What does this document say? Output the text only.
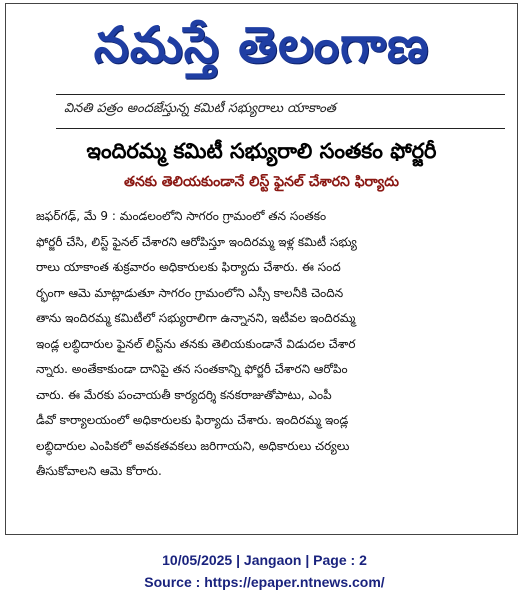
నమస్తే తెలంగాణ
వినతి పత్రం అందజేస్తున్న కమిటీ సభ్యురాలు యాకాంత
ఇందిరమ్మ కమిటీ సభ్యురాలి సంతకం ఫోర్జరీ
తనకు తెలియకుండానే లిస్ట్ ఫైనల్ చేశారని ఫిర్యాదు
జఫర్‌గఢ్, మే 9 : మండలంలోని సాగరం గ్రామంలో తన సంతకం
ఫోర్జరీ చేసి, లిస్ట్ ఫైనల్ చేశారని ఆరోపిస్తూ ఇందిరమ్మ ఇళ్ల కమిటీ సభ్యు
రాలు యాకాంత శుక్రవారం అధికారులకు ఫిర్యాదు చేశారు. ఈ సంద
ర్భంగా ఆమె మాట్లాడుతూ సాగరం గ్రామంలోని ఎస్సీ కాలనీకి చెందిన
తాను ఇందిరమ్మ కమిటీలో సభ్యురాలిగా ఉన్నానని, ఇటీవల ఇందిరమ్మ
ఇండ్ల లబ్ధిదారుల ఫైనల్ లిస్ట్‌ను తనకు తెలియకుండానే విడుదల చేశార
న్నారు. అంతేకాకుండా దానిపై తన సంతకాన్ని ఫోర్జరీ చేశారని ఆరోపిం
చారు. ఈ మేరకు పంచాయతీ కార్యదర్శి కనకరాజుతోపాటు, ఎంపీ
డీవో కార్యాలయంలో అధికారులకు ఫిర్యాదు చేశారు. ఇందిరమ్మ ఇండ్ల
లబ్ధిదారుల ఎంపికలో అవకతవకలు జరిగాయని, అధికారులు చర్యలు
తీసుకోవాలని ఆమె కోరారు.
10/05/2025 | Jangaon | Page : 2
Source : https://epaper.ntnews.com/
